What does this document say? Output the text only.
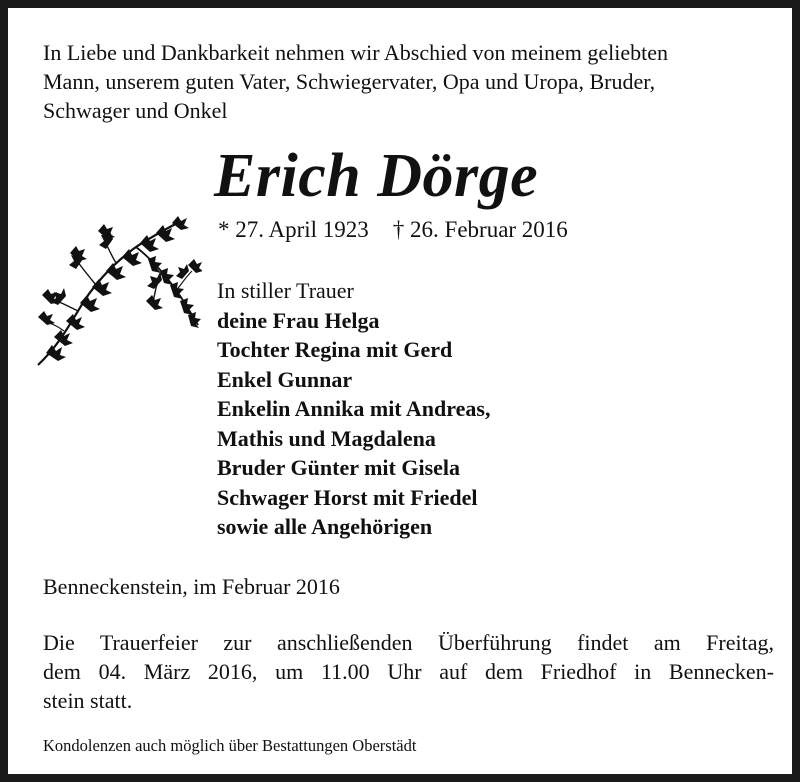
In Liebe und Dankbarkeit nehmen wir Abschied von meinem geliebten
Mann, unserem guten Vater, Schwiegervater, Opa und Uropa, Bruder,
Schwager und Onkel
Erich Dörge
* 27. April 1923 † 26. Februar 2016
In stiller Trauer
deine Frau Helga
Tochter Regina mit Gerd
Enkel Gunnar
Enkelin Annika mit Andreas,
Mathis und Magdalena
Bruder Günter mit Gisela
Schwager Horst mit Friedel
sowie alle Angehörigen
Benneckenstein, im Februar 2016
Die Trauerfeier zur anschließenden Überführung findet am Freitag,
dem 04. März 2016, um 11.00 Uhr auf dem Friedhof in Bennecken-
stein statt.
Kondolenzen auch möglich über Bestattungen Oberstädt
